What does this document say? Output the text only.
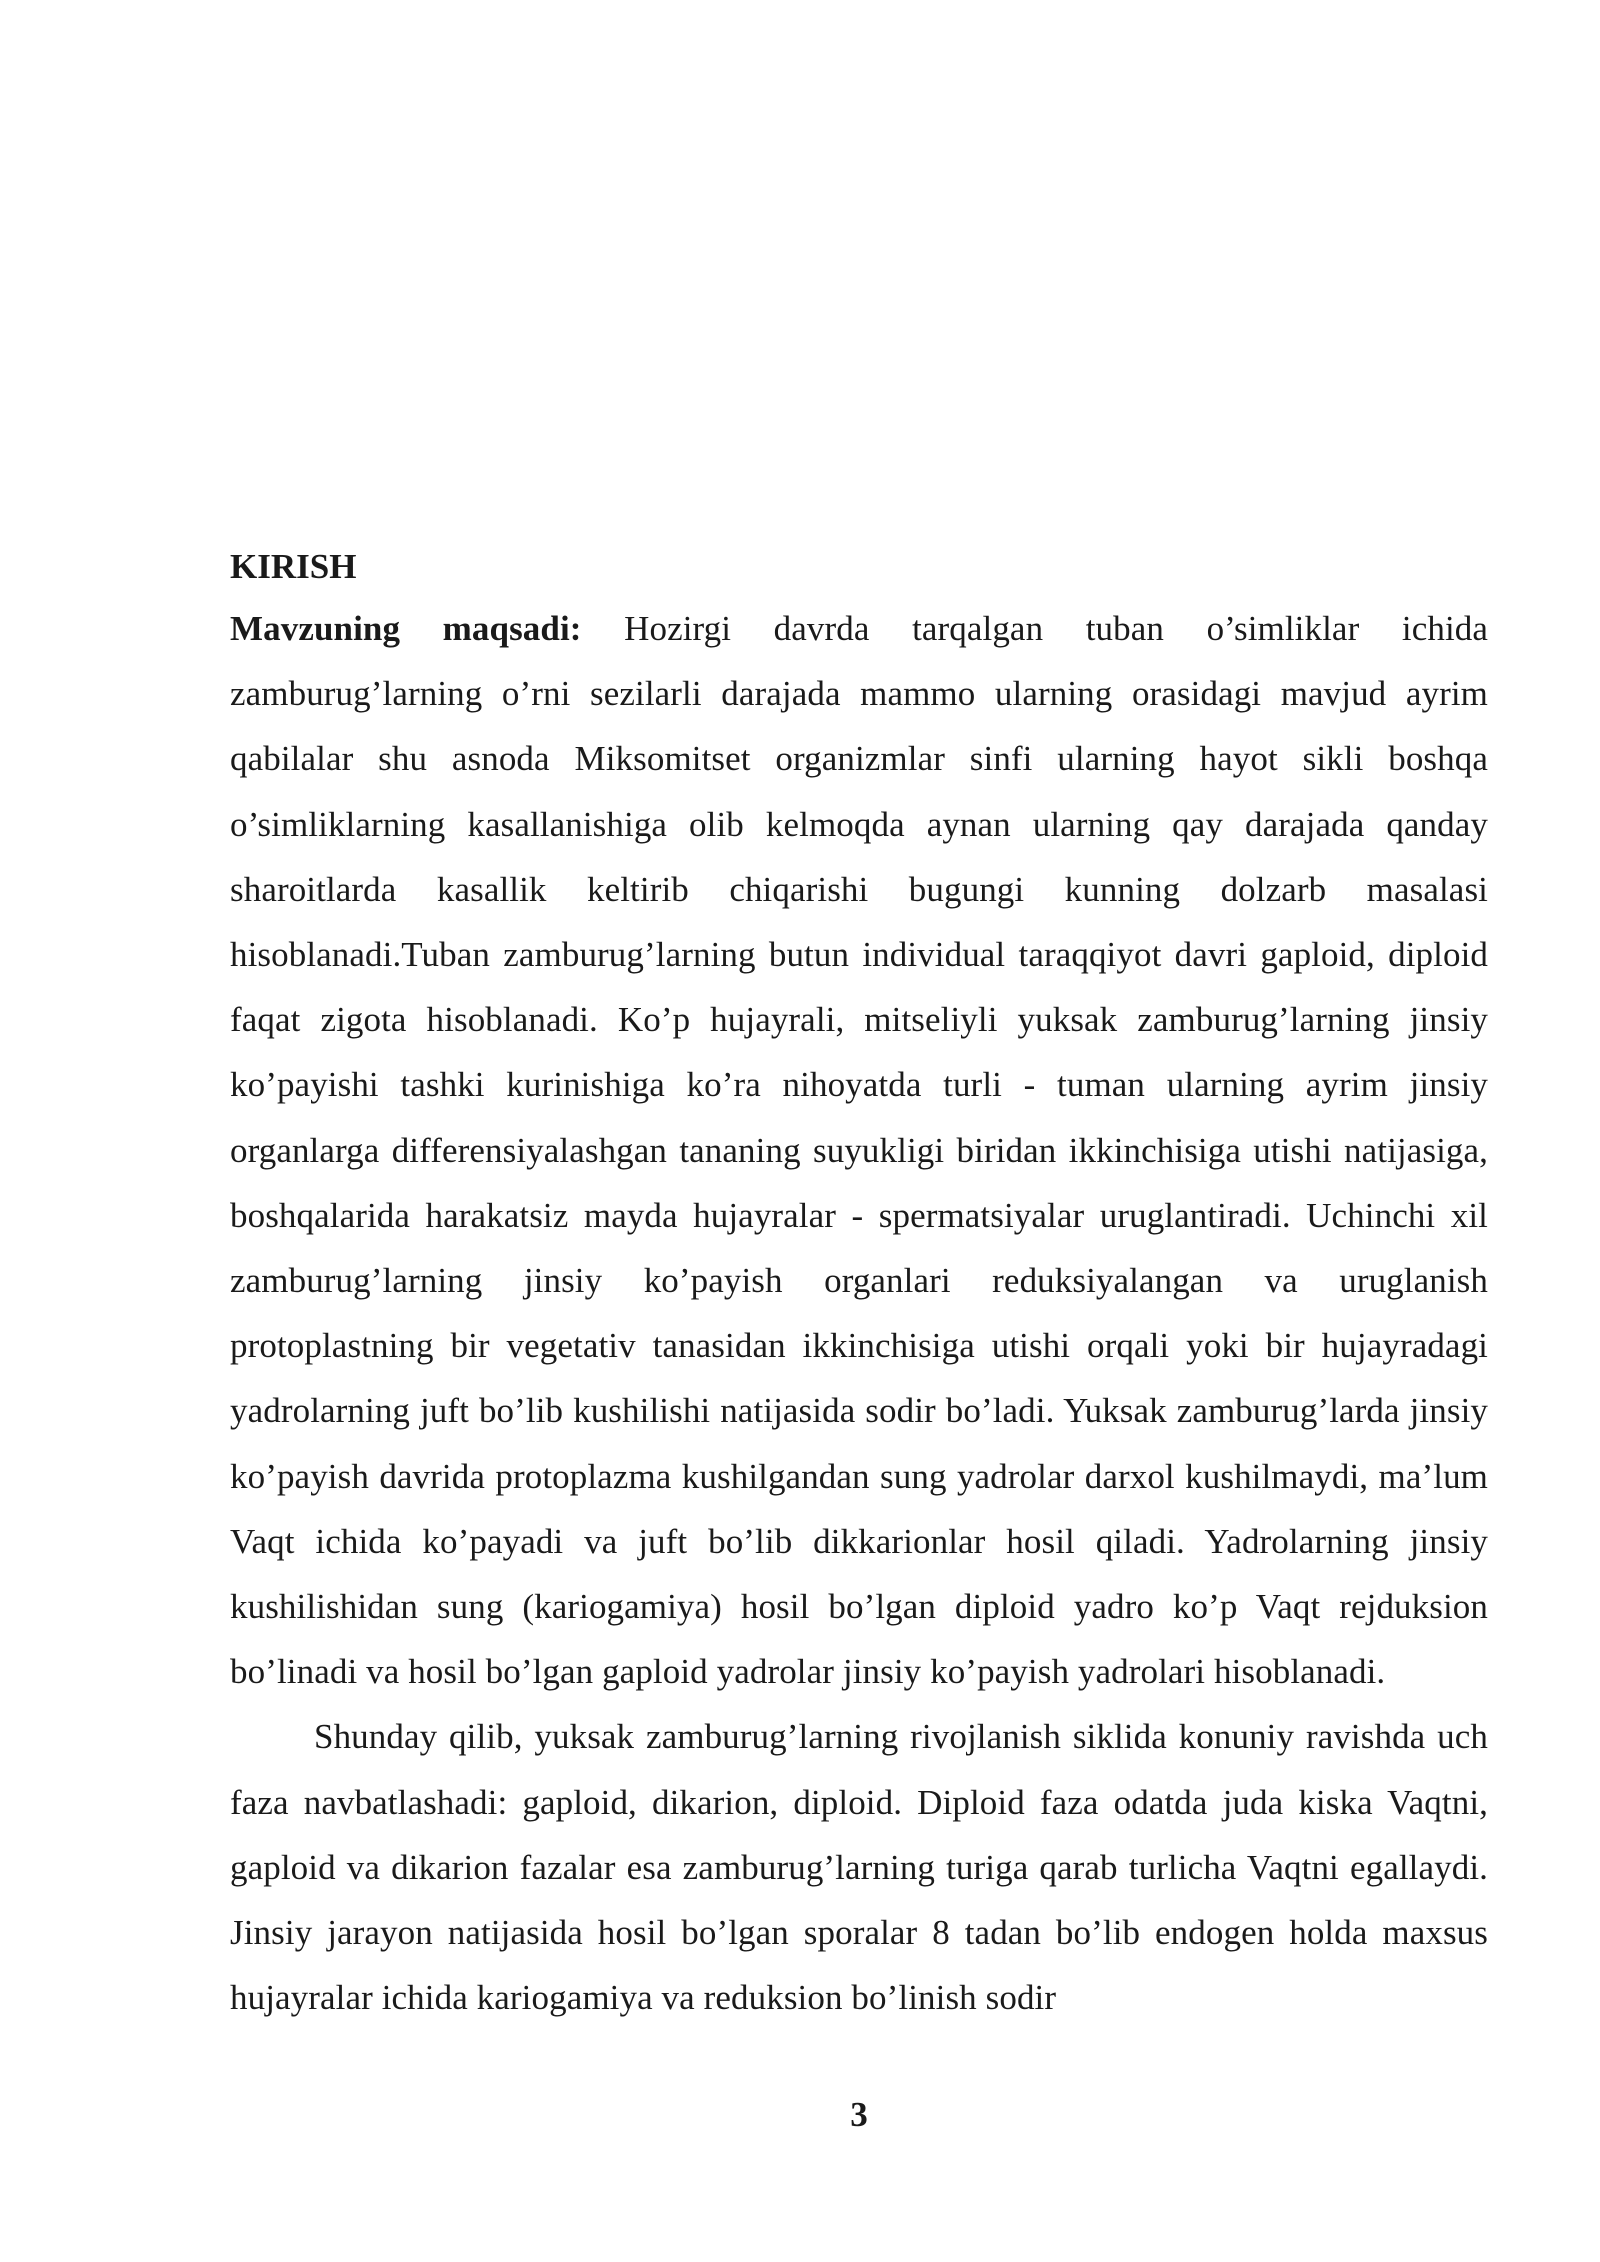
KIRISH

Mavzuning maqsadi: Hozirgi davrda tarqalgan tuban o’simliklar ichida zamburug’larning o’rni sezilarli darajada mammo ularning orasidagi mavjud ayrim qabilalar shu asnoda Miksomitset organizmlar sinfi ularning hayot sikli boshqa o’simliklarning kasallanishiga olib kelmoqda aynan ularning qay darajada qanday sharoitlarda kasallik keltirib chiqarishi bugungi kunning dolzarb masalasi hisoblanadi.Tuban zamburug’larning butun individual taraqqiyot davri gaploid, diploid faqat zigota hisoblanadi. Ko’p hujayrali, mitseliyli yuksak zamburug’larning jinsiy ko’payishi tashki kurinishiga ko’ra nihoyatda turli - tuman ularning ayrim jinsiy organlarga differensiyalashgan tananing suyukligi biridan ikkinchisiga utishi natijasiga, boshqalarida harakatsiz mayda hujayralar - spermatsiyalar uruglantiradi. Uchinchi xil zamburug’larning jinsiy ko’payish organlari reduksiyalangan va uruglanish protoplastning bir vegetativ tanasidan ikkinchisiga utishi orqali yoki bir hujayradagi yadrolarning juft bo’lib kushilishi natijasida sodir bo’ladi. Yuksak zamburug’larda jinsiy ko’payish davrida protoplazma kushilgandan sung yadrolar darxol kushilmaydi, ma’lum Vaqt ichida ko’payadi va juft bo’lib dikkarionlar hosil qiladi. Yadrolarning jinsiy kushilishidan sung (kariogamiya) hosil bo’lgan diploid yadro ko’p Vaqt rejduksion bo’linadi va hosil bo’lgan gaploid yadrolar jinsiy ko’payish yadrolari hisoblanadi.

Shunday qilib, yuksak zamburug’larning rivojlanish siklida konuniy ravishda uch faza navbatlashadi: gaploid, dikarion, diploid. Diploid faza odatda juda kiska Vaqtni, gaploid va dikarion fazalar esa zamburug’larning turiga qarab turlicha Vaqtni egallaydi. Jinsiy jarayon natijasida hosil bo’lgan sporalar 8 tadan bo’lib endogen holda maxsus hujayralar ichida kariogamiya va reduksion bo’linish sodir

3
